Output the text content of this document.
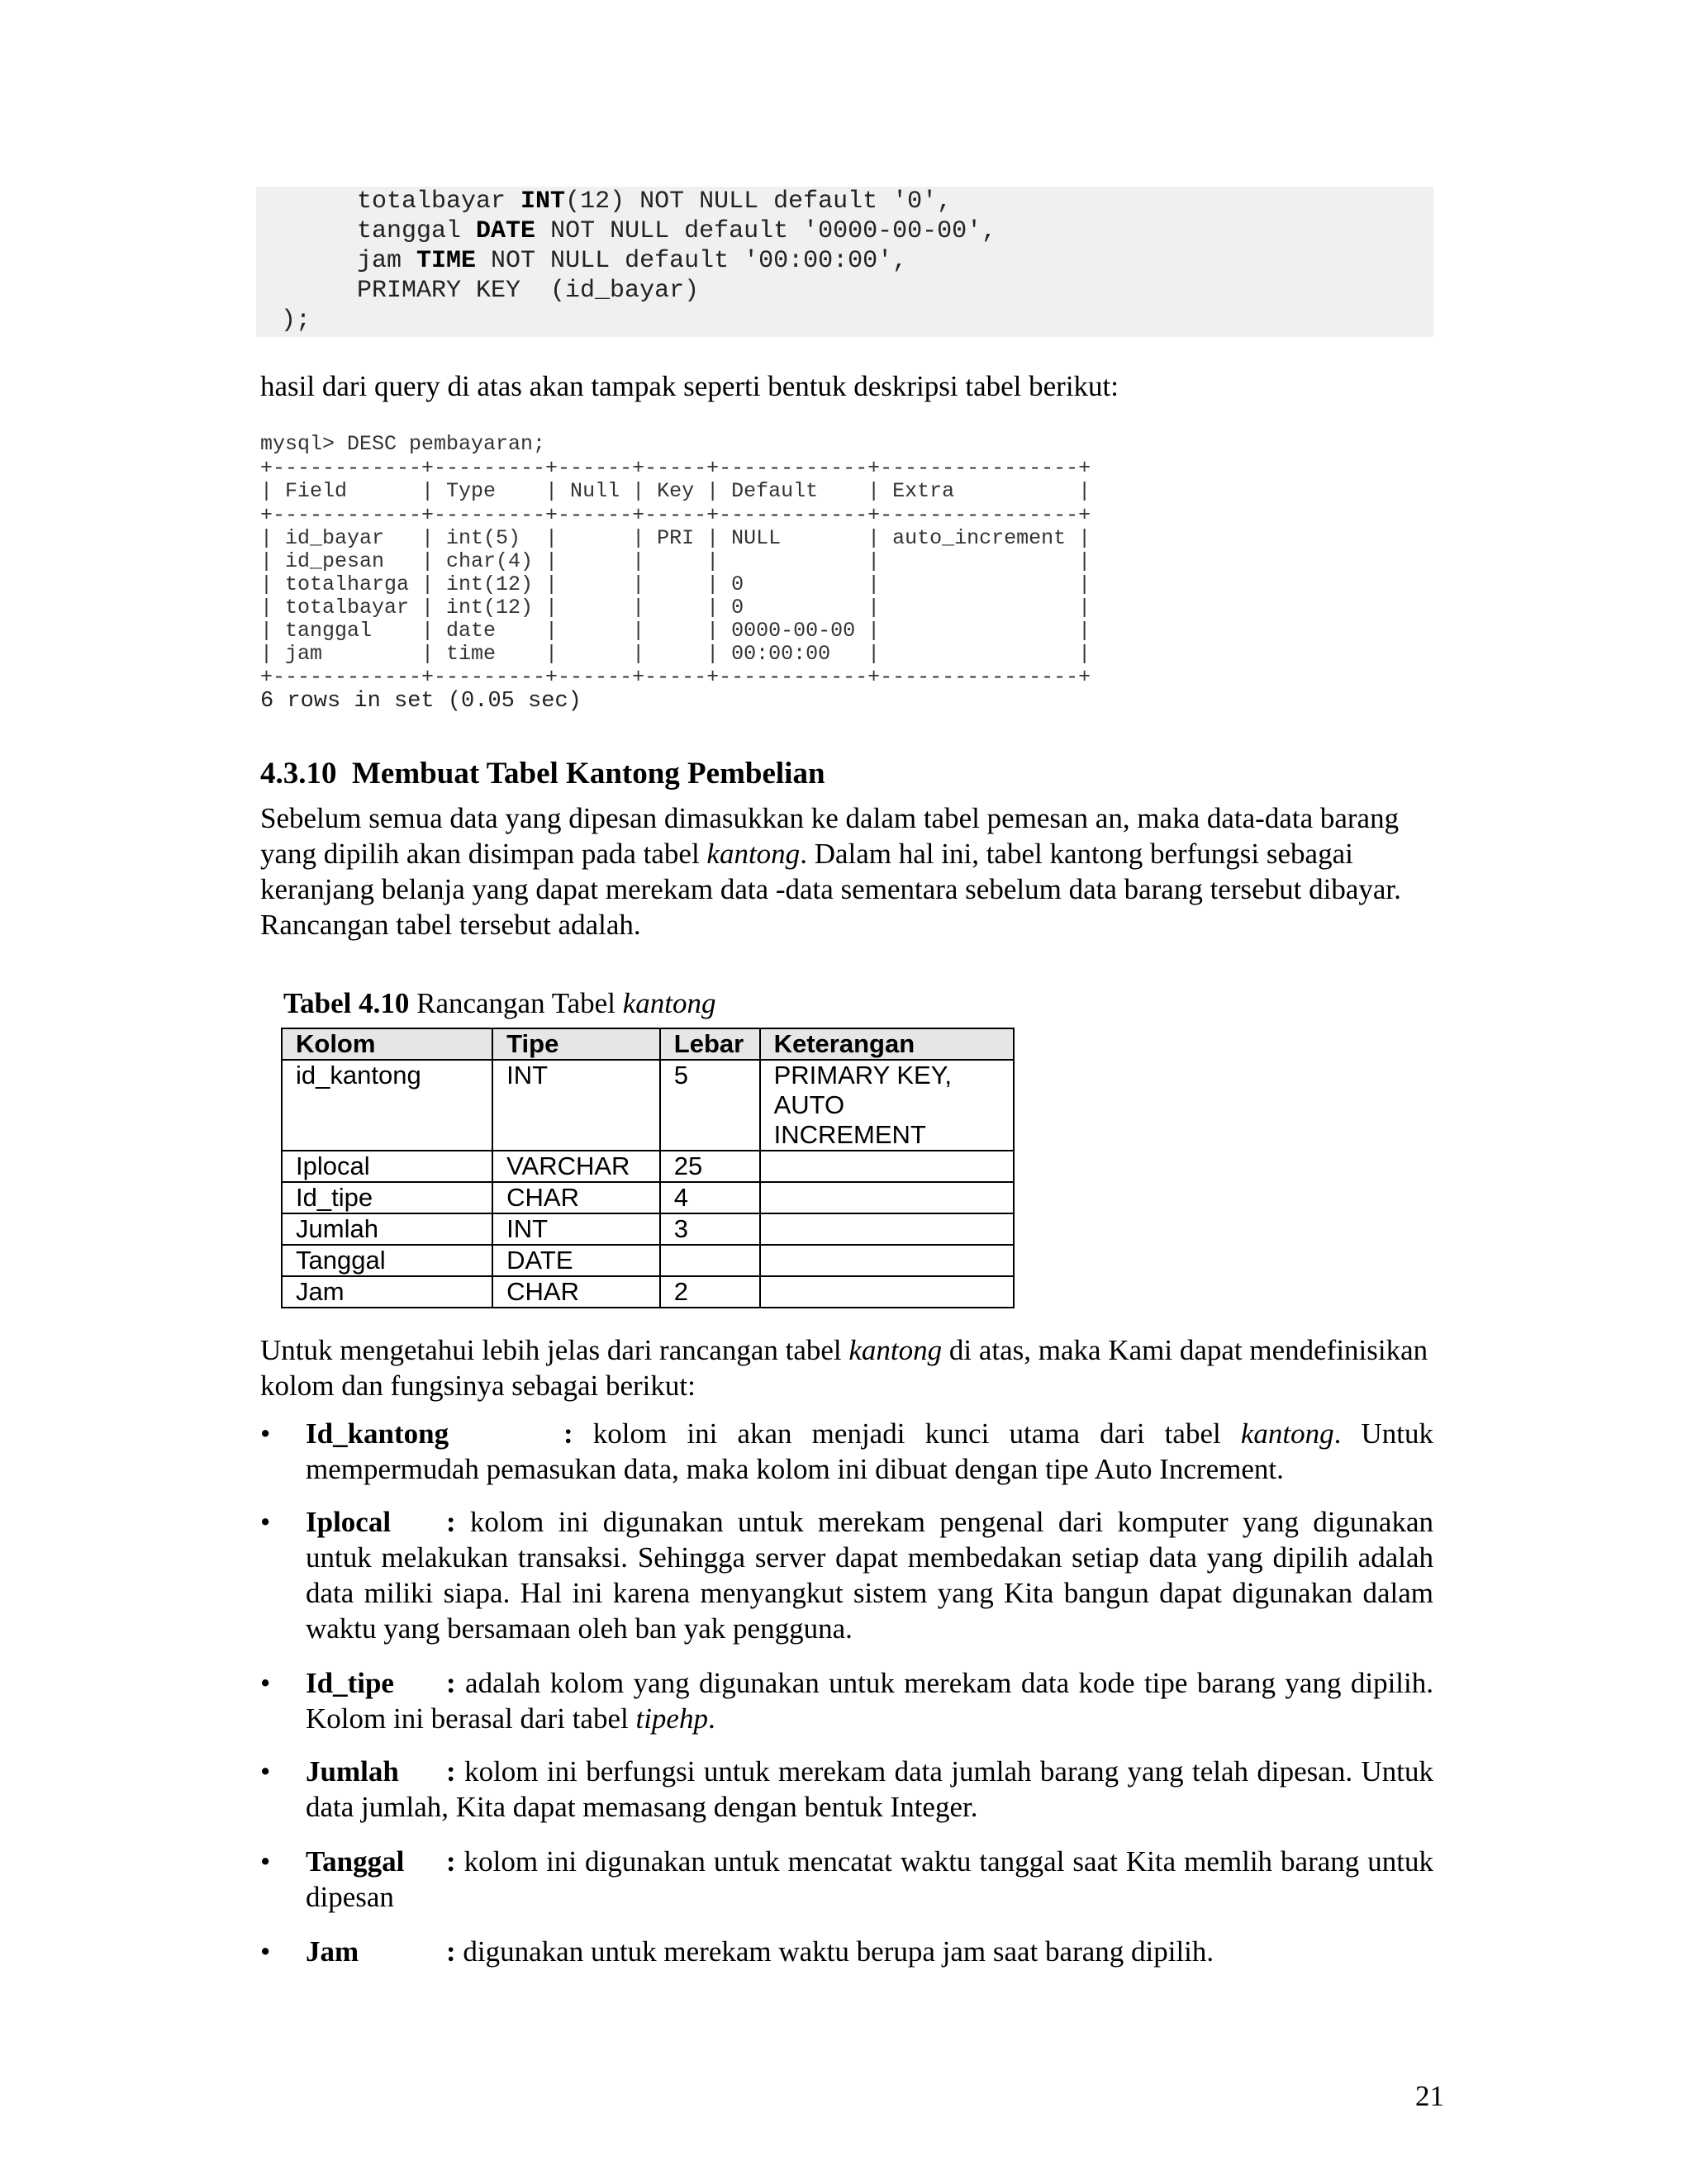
totalbayar INT(12) NOT NULL default '0',
tanggal DATE NOT NULL default '0000-00-00',
jam TIME NOT NULL default '00:00:00',
PRIMARY KEY  (id_bayar)
);
hasil dari query di atas akan tampak seperti bentuk deskripsi tabel berikut:
mysql> DESC pembayaran;
+------------+---------+------+-----+------------+----------------+
| Field      | Type    | Null | Key | Default    | Extra          |
+------------+---------+------+-----+------------+----------------+
| id_bayar   | int(5)  |      | PRI | NULL       | auto_increment |
| id_pesan   | char(4) |      |     |            |                |
| totalharga | int(12) |      |     | 0          |                |
| totalbayar | int(12) |      |     | 0          |                |
| tanggal    | date    |      |     | 0000-00-00 |                |
| jam        | time    |      |     | 00:00:00   |                |
+------------+---------+------+-----+------------+----------------+
6 rows in set (0.05 sec)
4.3.10 Membuat Tabel Kantong Pembelian
Sebelum semua data yang dipesan dimasukkan ke dalam tabel pemesan an, maka data-data barang yang dipilih akan disimpan pada tabel kantong. Dalam hal ini, tabel kantong berfungsi sebagai keranjang belanja yang dapat merekam data -data sementara sebelum data barang tersebut dibayar. Rancangan tabel tersebut adalah.
Tabel 4.10 Rancangan Tabel kantong
Kolom	Tipe	Lebar	Keterangan
id_kantong	INT	5	PRIMARY KEY, AUTO INCREMENT
Iplocal	VARCHAR	25	
Id_tipe	CHAR	4	
Jumlah	INT	3	
Tanggal	DATE		
Jam	CHAR	2	
Untuk mengetahui lebih jelas dari rancangan tabel kantong di atas, maka Kami dapat mendefinisikan kolom dan fungsinya sebagai berikut:
•	Id_kantong	: kolom ini akan menjadi kunci utama dari tabel kantong. Untuk mempermudah pemasukan data, maka kolom ini dibuat dengan tipe Auto Increment.
•	Iplocal : kolom ini digunakan untuk merekam pengenal dari komputer yang digunakan untuk melakukan transaksi. Sehingga server dapat membedakan setiap data yang dipilih adalah data miliki siapa. Hal ini karena menyangkut sistem yang Kita bangun dapat digunakan dalam waktu yang bersamaan oleh ban yak pengguna.
•	Id_tipe : adalah kolom yang digunakan untuk merekam data kode tipe barang yang dipilih. Kolom ini berasal dari tabel tipehp.
•	Jumlah : kolom ini berfungsi untuk merekam data jumlah barang yang telah dipesan. Untuk data jumlah, Kita dapat memasang dengan bentuk Integer.
•	Tanggal : kolom ini digunakan untuk mencatat waktu tanggal saat Kita memlih barang untuk dipesan
•	Jam	: digunakan untuk merekam waktu berupa jam saat barang dipilih.
21
